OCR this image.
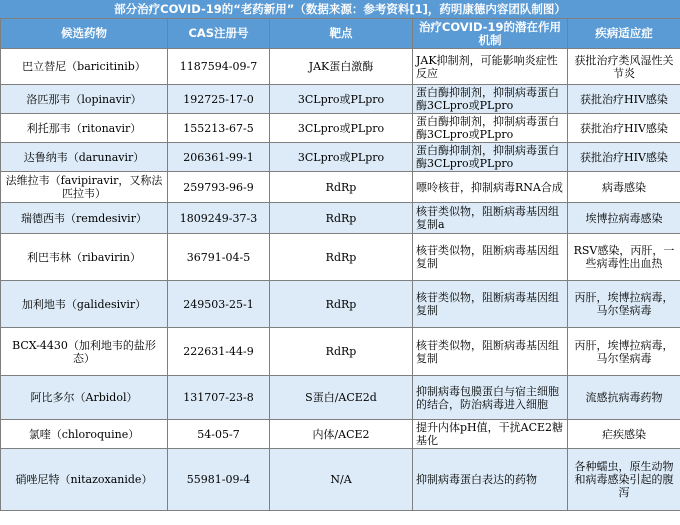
部分治疗COVID-19的“老药新用”（数据来源：参考资料[1]，药明康德内容团队制图）
候选药物	CAS注册号	靶点	治疗COVID-19的潜在作用机制	疾病适应症
巴立替尼（baricitinib）	1187594-09-7	JAK蛋白激酶	JAK抑制剂，可能影响炎症性反应	获批治疗类风湿性关节炎
洛匹那韦（lopinavir）	192725-17-0	3CLpro或PLpro	蛋白酶抑制剂，抑制病毒蛋白酶3CLpro或PLpro	获批治疗HIV感染
利托那韦（ritonavir）	155213-67-5	3CLpro或PLpro	蛋白酶抑制剂，抑制病毒蛋白酶3CLpro或PLpro	获批治疗HIV感染
达鲁纳韦（darunavir）	206361-99-1	3CLpro或PLpro	蛋白酶抑制剂，抑制病毒蛋白酶3CLpro或PLpro	获批治疗HIV感染
法维拉韦（favipiravir，又称法匹拉韦）	259793-96-9	RdRp	嘌呤核苷，抑制病毒RNA合成	病毒感染
瑞德西韦（remdesivir）	1809249-37-3	RdRp	核苷类似物，阻断病毒基因组复制a	埃博拉病毒感染
利巴韦林（ribavirin）	36791-04-5	RdRp	核苷类似物，阻断病毒基因组复制	RSV感染，丙肝，一些病毒性出血热
加利地韦（galidesivir）	249503-25-1	RdRp	核苷类似物，阻断病毒基因组复制	丙肝，埃博拉病毒，马尔堡病毒
BCX-4430（加利地韦的盐形态）	222631-44-9	RdRp	核苷类似物，阻断病毒基因组复制	丙肝，埃博拉病毒，马尔堡病毒
阿比多尔（Arbidol）	131707-23-8	S蛋白/ACE2d	抑制病毒包膜蛋白与宿主细胞的结合，防治病毒进入细胞	流感抗病毒药物
氯喹（chloroquine）	54-05-7	内体/ACE2	提升内体pH值，干扰ACE2糖基化	疟疾感染
硝唑尼特（nitazoxanide）	55981-09-4	N/A	抑制病毒蛋白表达的药物	各种蠕虫，原生动物和病毒感染引起的腹泻
